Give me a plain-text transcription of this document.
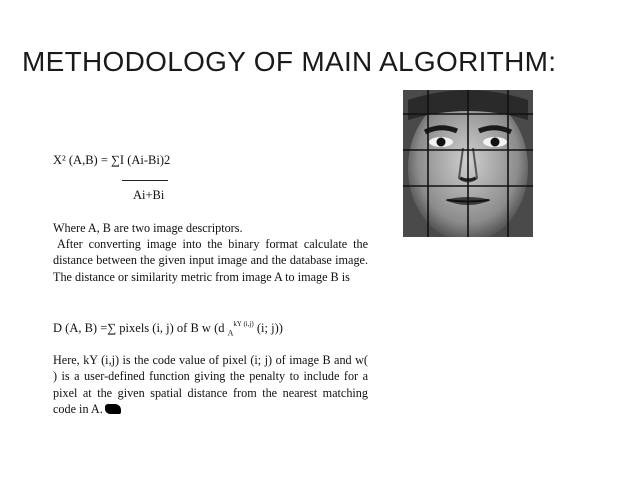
METHODOLOGY OF MAIN ALGORITHM:
X² (A,B) = ∑I (Ai-Bi)2
Ai+Bi
Where A, B are two image descriptors.
After converting image into the binary format calculate the distance between the given input image and the database image. The distance or similarity metric from image A to image B is
D (A, B) =∑ pixels (i, j) of B w (d $_A^{kY (i,j)}$ (i; j))
Here, kY (i,j) is the code value of pixel (i; j) of image B and w( ) is a user-defined function giving the penalty to include for a pixel at the given spatial distance from the nearest matching code in A.
